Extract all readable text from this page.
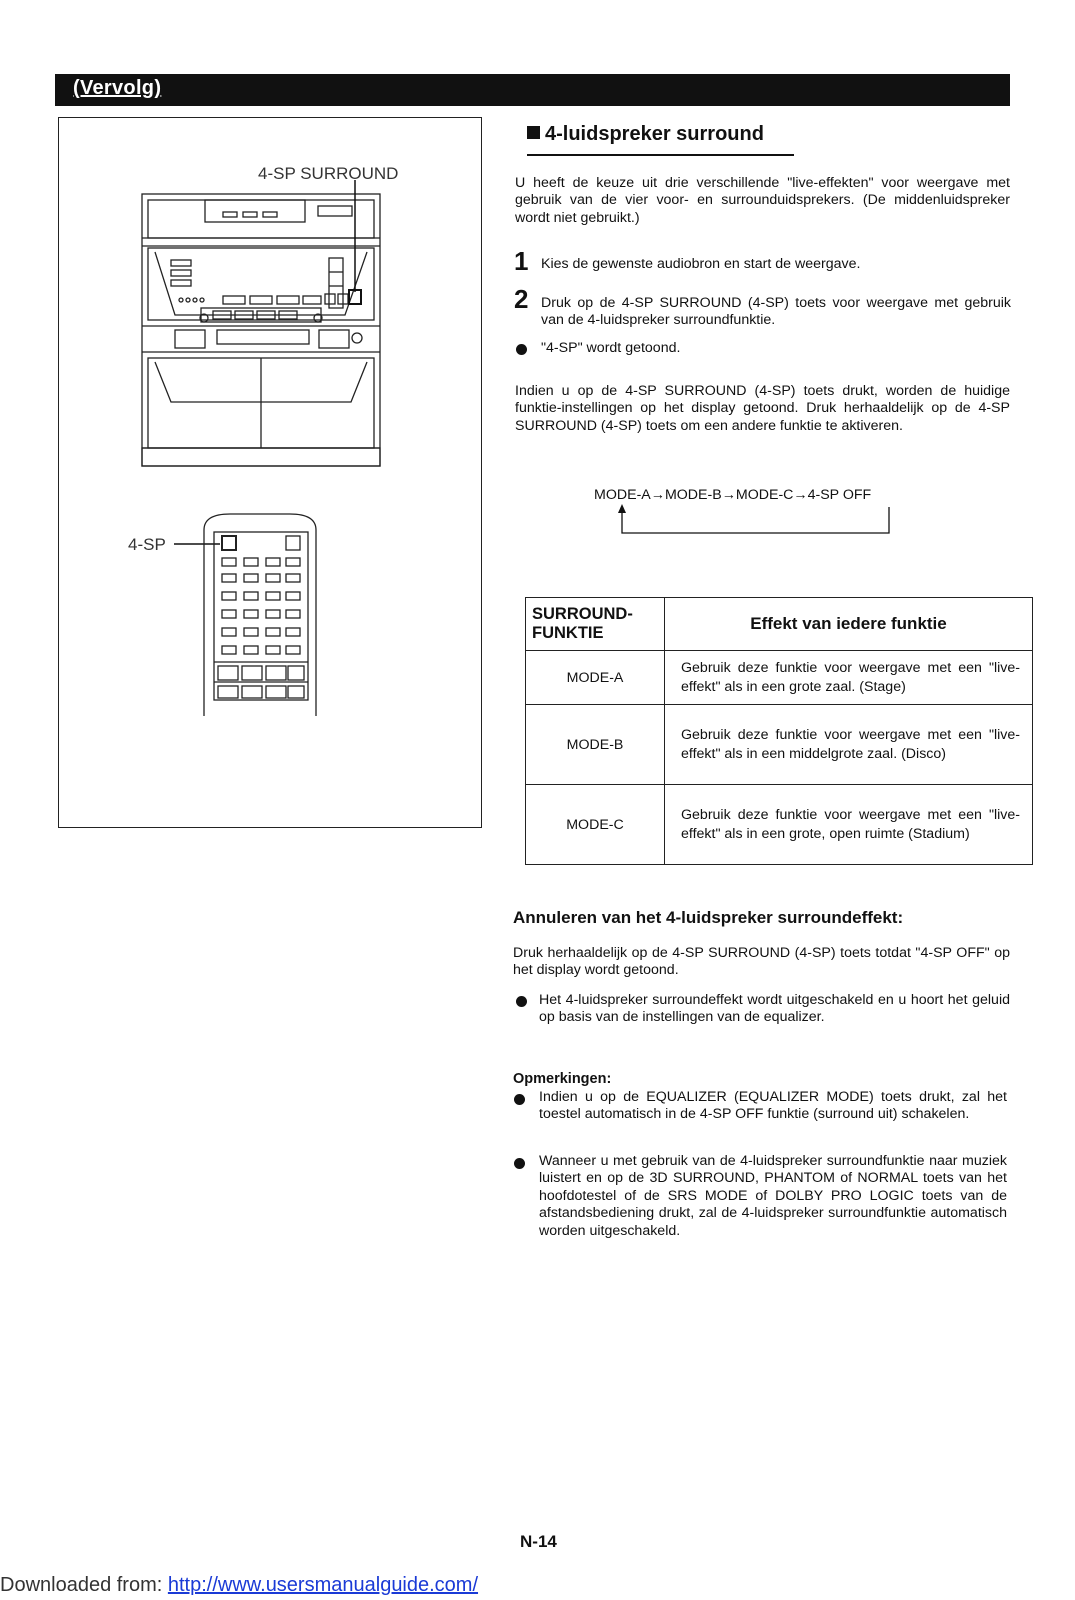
(Vervolg)
4-SP SURROUND
4-SP
4-luidspreker surround
U heeft de keuze uit drie verschillende "live-effekten" voor weergave met gebruik van de vier voor- en surrounduidsprekers. (De middenluidspreker wordt niet gebruikt.)
1 Kies de gewenste audiobron en start de weergave.
2 Druk op de 4-SP SURROUND (4-SP) toets voor weergave met gebruik van de 4-luidspreker surroundfunktie.
"4-SP" wordt getoond.
Indien u op de 4-SP SURROUND (4-SP) toets drukt, worden de huidige funktie-instellingen op het display getoond. Druk herhaaldelijk op de 4-SP SURROUND (4-SP) toets om een andere funktie te aktiveren.
MODE-A→MODE-B→MODE-C→4-SP OFF
SURROUND-
FUNKTIE	Effekt van iedere funktie
MODE-A	Gebruik deze funktie voor weergave met een "live-effekt" als in een grote zaal. (Stage)
MODE-B	Gebruik deze funktie voor weergave met een "live-effekt" als in een middelgrote zaal. (Disco)
MODE-C	Gebruik deze funktie voor weergave met een "live-effekt" als in een grote, open ruimte (Stadium)
Annuleren van het 4-luidspreker surroundeffekt:
Druk herhaaldelijk op de 4-SP SURROUND (4-SP) toets totdat "4-SP OFF" op het display wordt getoond.
Het 4-luidspreker surroundeffekt wordt uitgeschakeld en u hoort het geluid op basis van de instellingen van de equalizer.
Opmerkingen:
Indien u op de EQUALIZER (EQUALIZER MODE) toets drukt, zal het toestel automatisch in de 4-SP OFF funktie (surround uit) schakelen.
Wanneer u met gebruik van de 4-luidspreker surroundfunktie naar muziek luistert en op de 3D SURROUND, PHANTOM of NORMAL toets van het hoofdotestel of de SRS MODE of DOLBY PRO LOGIC toets van de afstandsbediening drukt, zal de 4-luidspreker surroundfunktie automatisch worden uitgeschakeld.
N-14
Downloaded from: http://www.usersmanualguide.com/
